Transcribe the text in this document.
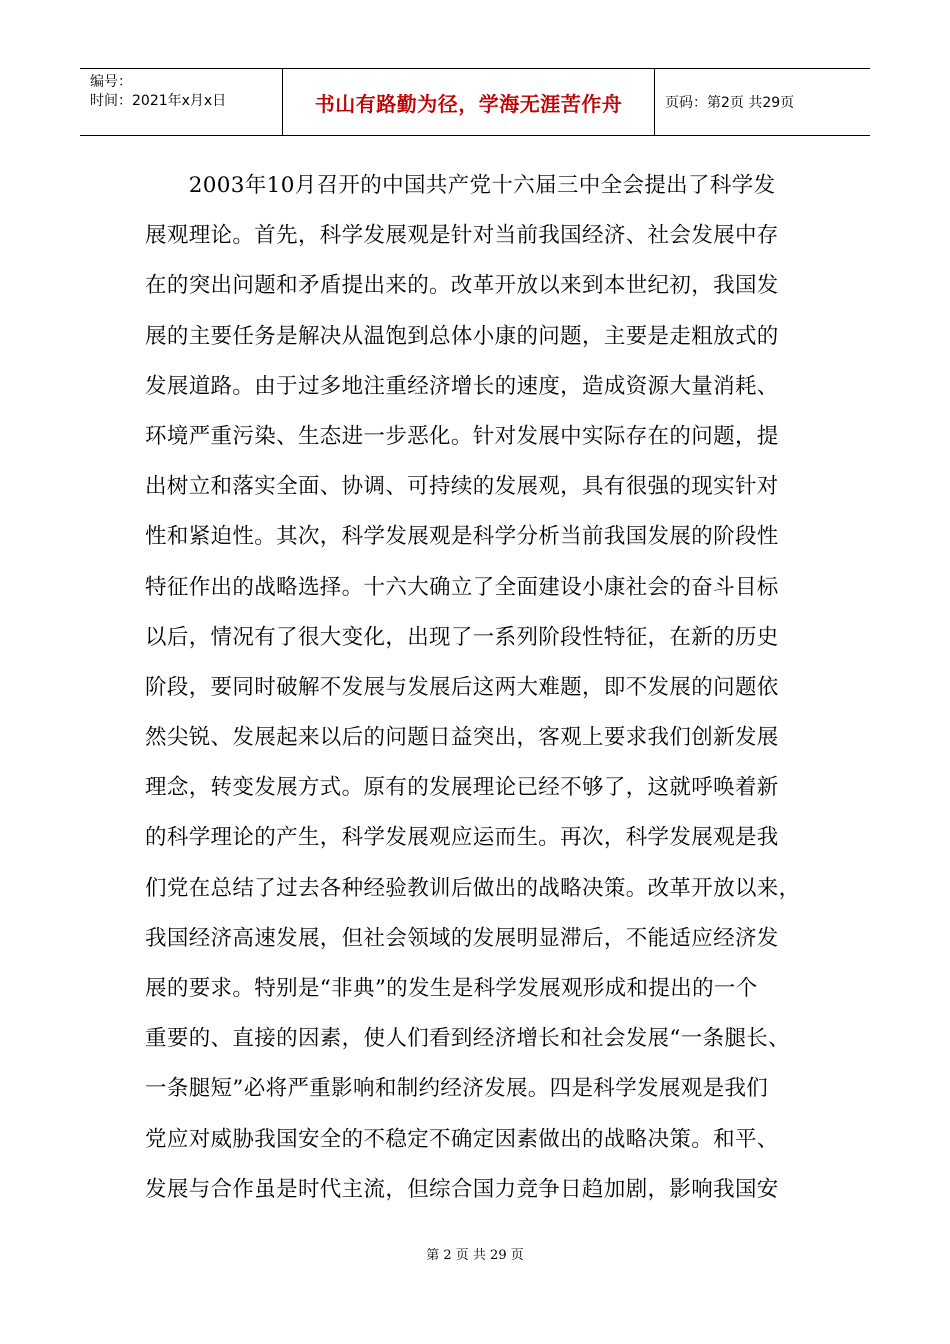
编号：
时间：2021年x月x日	书山有路勤为径，学海无涯苦作舟	页码：第2页 共29页
　　2003年10月召开的中国共产党十六届三中全会提出了科学发
展观理论。首先，科学发展观是针对当前我国经济、社会发展中存
在的突出问题和矛盾提出来的。改革开放以来到本世纪初，我国发
展的主要任务是解决从温饱到总体小康的问题，主要是走粗放式的
发展道路。由于过多地注重经济增长的速度，造成资源大量消耗、
环境严重污染、生态进一步恶化。针对发展中实际存在的问题，提
出树立和落实全面、协调、可持续的发展观，具有很强的现实针对
性和紧迫性。其次，科学发展观是科学分析当前我国发展的阶段性
特征作出的战略选择。十六大确立了全面建设小康社会的奋斗目标
以后，情况有了很大变化，出现了一系列阶段性特征，在新的历史
阶段，要同时破解不发展与发展后这两大难题，即不发展的问题依
然尖锐、发展起来以后的问题日益突出，客观上要求我们创新发展
理念，转变发展方式。原有的发展理论已经不够了，这就呼唤着新
的科学理论的产生，科学发展观应运而生。再次，科学发展观是我
们党在总结了过去各种经验教训后做出的战略决策。改革开放以来，
我国经济高速发展，但社会领域的发展明显滞后，不能适应经济发
展的要求。特别是“非典”的发生是科学发展观形成和提出的一个
重要的、直接的因素，使人们看到经济增长和社会发展“一条腿长、
一条腿短”必将严重影响和制约经济发展。四是科学发展观是我们
党应对威胁我国安全的不稳定不确定因素做出的战略决策。和平、
发展与合作虽是时代主流，但综合国力竞争日趋加剧，影响我国安
第 2 页 共 29 页
